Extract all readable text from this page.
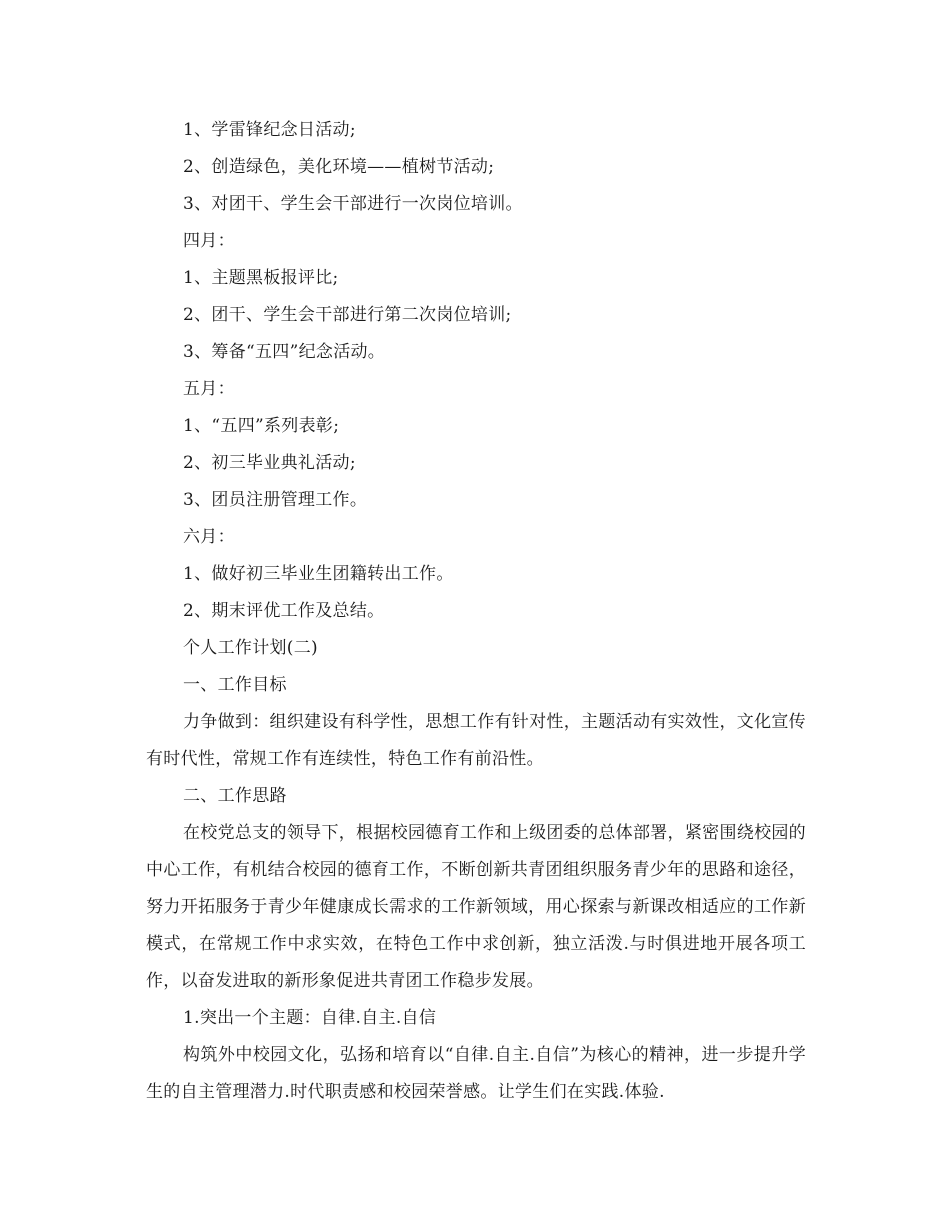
1、学雷锋纪念日活动;
2、创造绿色，美化环境——植树节活动;
3、对团干、学生会干部进行一次岗位培训。
四月：
1、主题黑板报评比;
2、团干、学生会干部进行第二次岗位培训;
3、筹备“五四”纪念活动。
五月：
1、“五四”系列表彰;
2、初三毕业典礼活动;
3、团员注册管理工作。
六月：
1、做好初三毕业生团籍转出工作。
2、期末评优工作及总结。
个人工作计划(二)
一、工作目标
力争做到：组织建设有科学性，思想工作有针对性，主题活动有实效性，文化宣传有时代性，常规工作有连续性，特色工作有前沿性。
二、工作思路
在校党总支的领导下，根据校园德育工作和上级团委的总体部署，紧密围绕校园的中心工作，有机结合校园的德育工作，不断创新共青团组织服务青少年的思路和途径，努力开拓服务于青少年健康成长需求的工作新领域，用心探索与新课改相适应的工作新模式，在常规工作中求实效，在特色工作中求创新，独立活泼.与时俱进地开展各项工作，以奋发进取的新形象促进共青团工作稳步发展。
1.突出一个主题：自律.自主.自信
构筑外中校园文化，弘扬和培育以“自律.自主.自信”为核心的精神，进一步提升学生的自主管理潜力.时代职责感和校园荣誉感。让学生们在实践.体验.
